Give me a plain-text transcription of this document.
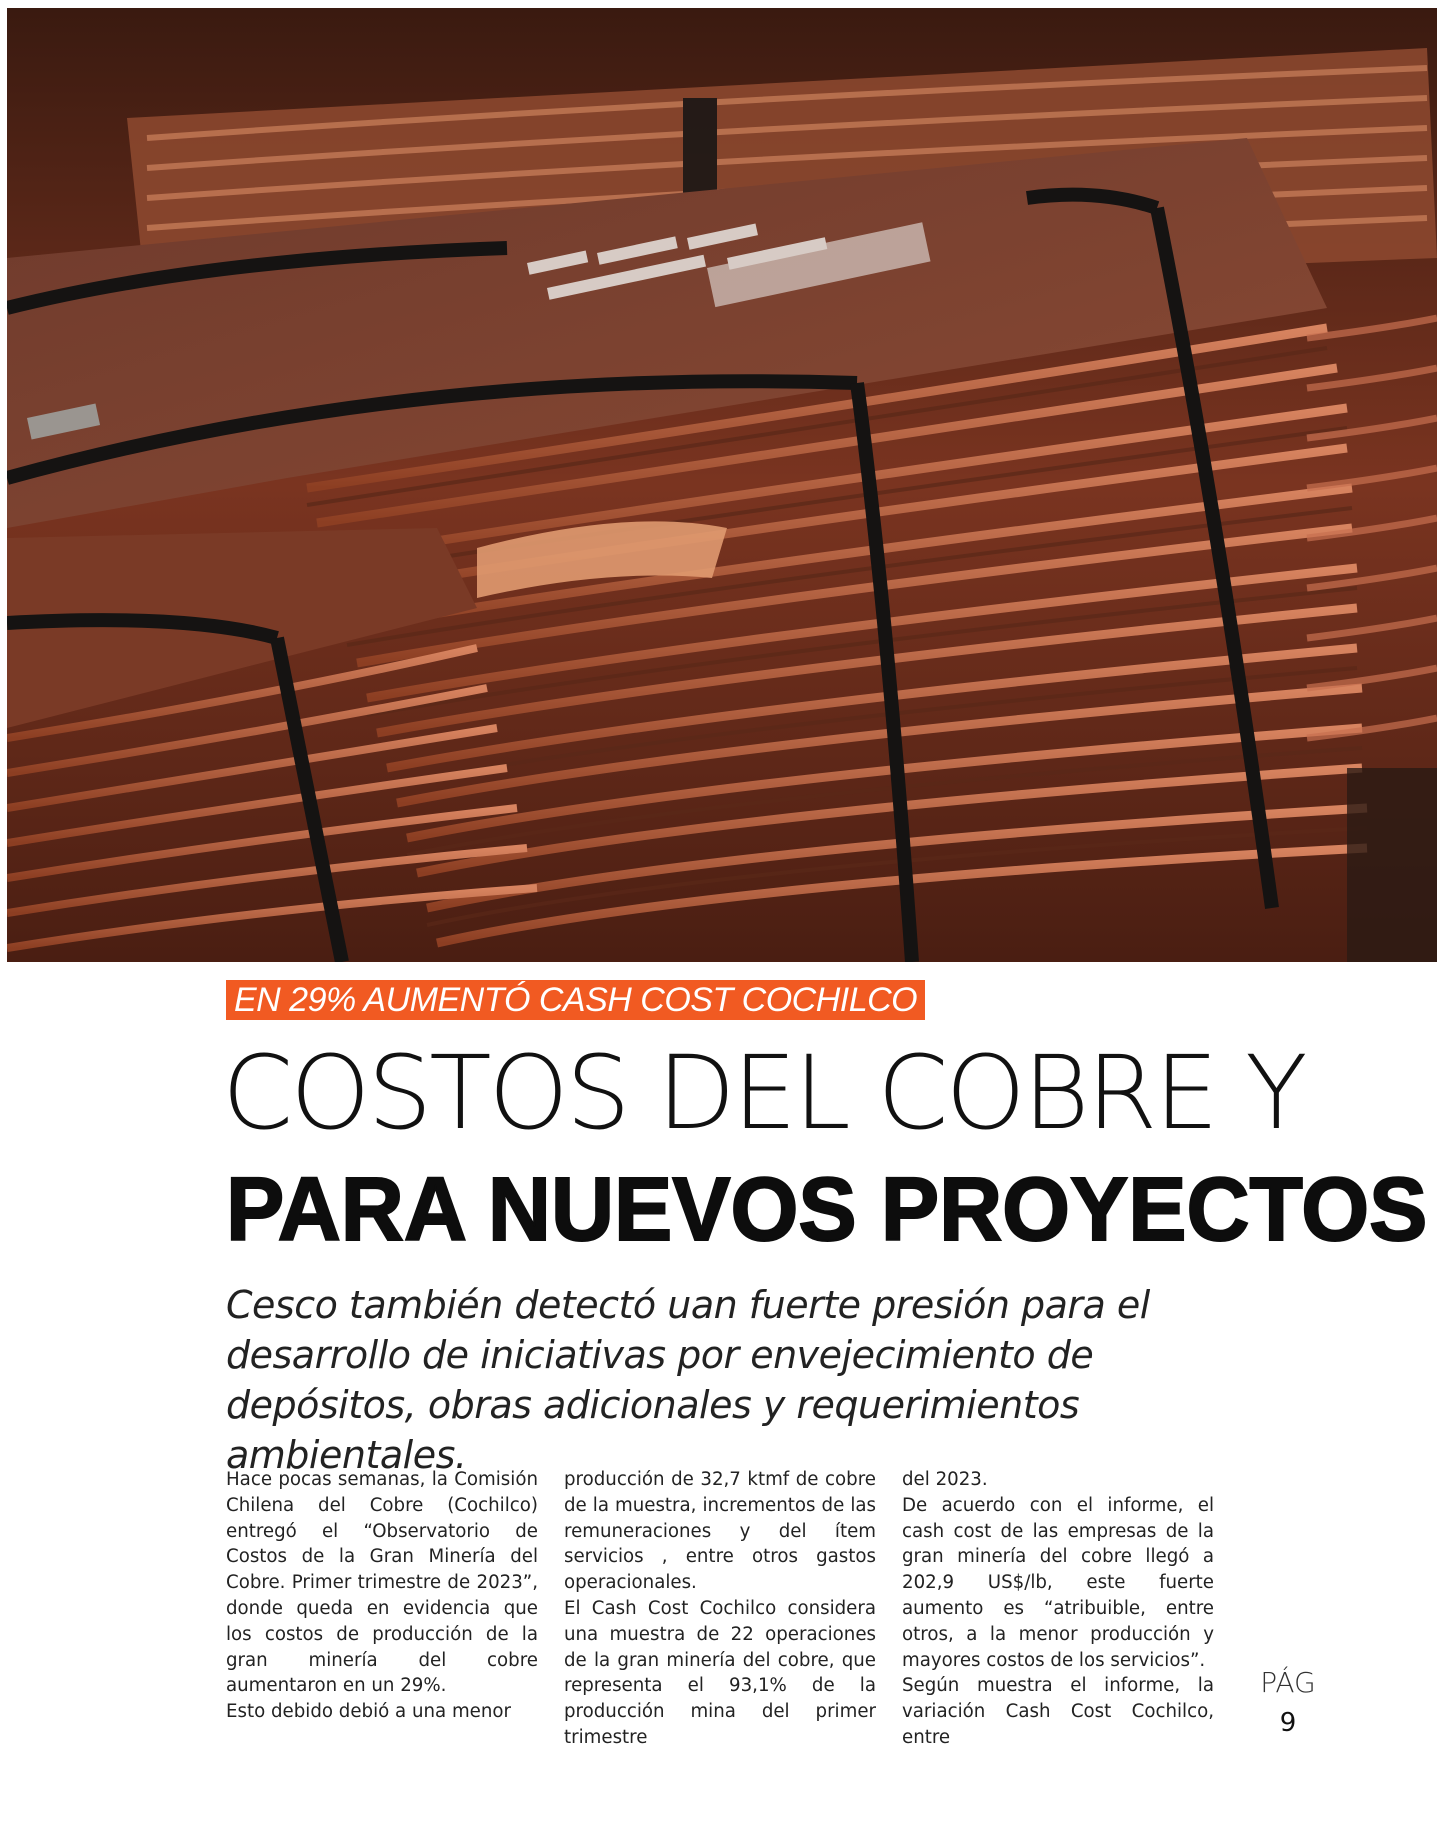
EN 29% AUMENTÓ CASH COST COCHILCO
COSTOS DEL COBRE Y
PARA NUEVOS PROYECTOS
Cesco también detectó uan fuerte presión para el desarrollo de iniciativas por envejecimiento de depósitos, obras adicionales y requerimientos ambientales.

Hace pocas semanas, la Comisión Chilena del Cobre (Cochilco) entregó el “Observatorio de Costos de la Gran Minería del Cobre. Primer trimestre de 2023”, donde queda en evidencia que los costos de producción de la gran minería del cobre aumentaron en un 29%.

Esto debido debió a una menor

producción de 32,7 ktmf de cobre de la muestra, incrementos de las remuneraciones y del ítem servicios , entre otros gastos operacionales.

El Cash Cost Cochilco considera una muestra de 22 operaciones de la gran minería del cobre, que representa el 93,1% de la producción mina del primer trimestre

del 2023.

De acuerdo con el informe, el cash cost de las empresas de la gran minería del cobre llegó a 202,9 US$/lb, este fuerte aumento es “atribuible, entre otros, a la menor producción y mayores costos de los servicios”.

Según muestra el informe, la variación Cash Cost Cochilco, entre

PÁG
9
